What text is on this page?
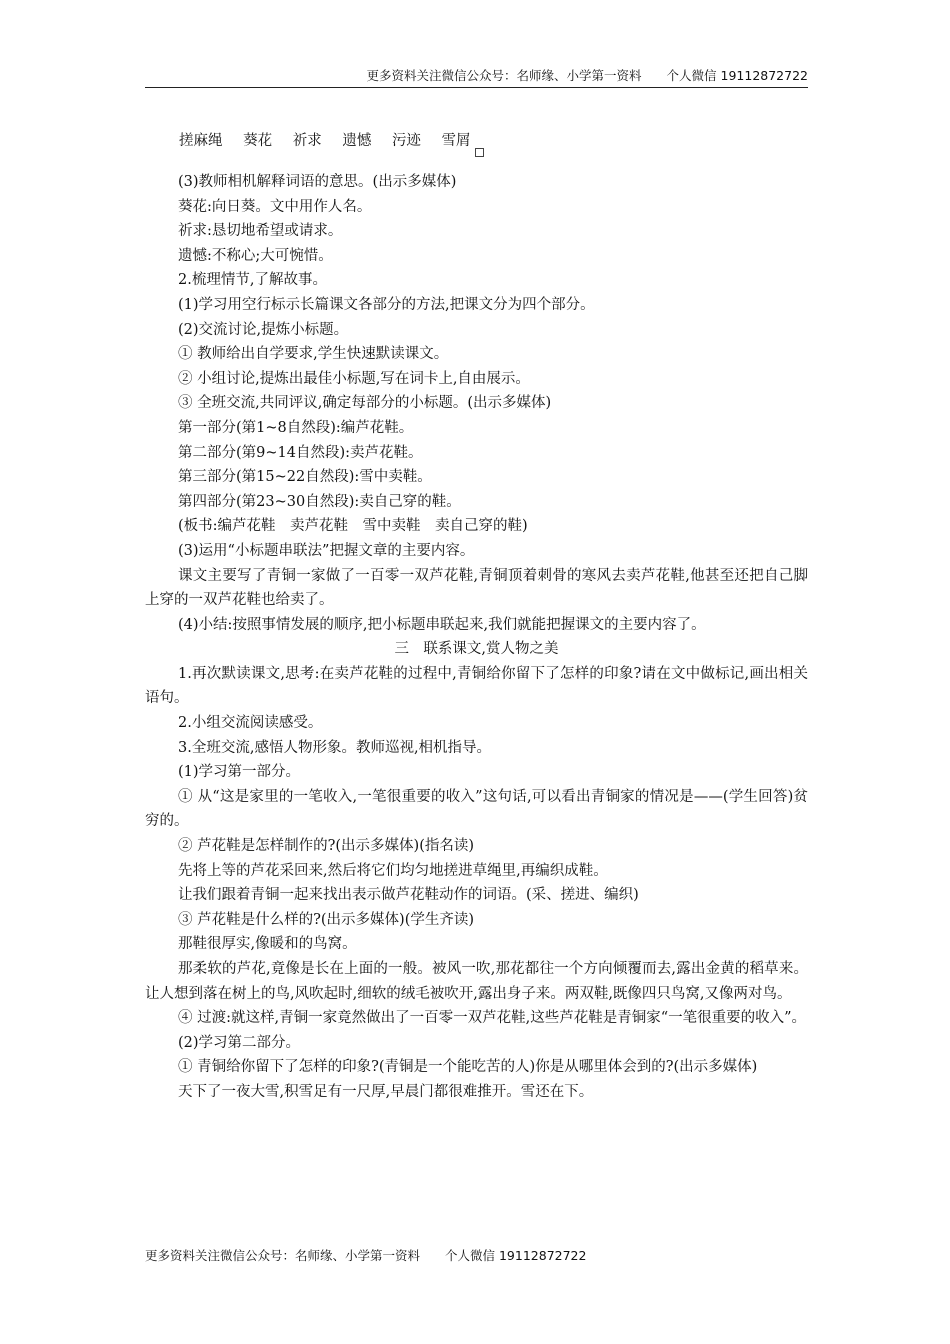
更多资料关注微信公众号：名师缘、小学第一资料　　个人微信 19112872722
搓麻绳 葵花 祈求 遗憾 污迹 雪屑
(3)教师相机解释词语的意思。(出示多媒体)
葵花:向日葵。文中用作人名。
祈求:恳切地希望或请求。
遗憾:不称心;大可惋惜。
2.梳理情节,了解故事。
(1)学习用空行标示长篇课文各部分的方法,把课文分为四个部分。
(2)交流讨论,提炼小标题。
① 教师给出自学要求,学生快速默读课文。
② 小组讨论,提炼出最佳小标题,写在词卡上,自由展示。
③ 全班交流,共同评议,确定每部分的小标题。(出示多媒体)
第一部分(第1~8自然段):编芦花鞋。
第二部分(第9~14自然段):卖芦花鞋。
第三部分(第15~22自然段):雪中卖鞋。
第四部分(第23~30自然段):卖自己穿的鞋。
(板书:编芦花鞋　卖芦花鞋　雪中卖鞋　卖自己穿的鞋)
(3)运用“小标题串联法”把握文章的主要内容。
课文主要写了青铜一家做了一百零一双芦花鞋,青铜顶着刺骨的寒风去卖芦花鞋,他甚至还把自己脚上穿的一双芦花鞋也给卖了。
(4)小结:按照事情发展的顺序,把小标题串联起来,我们就能把握课文的主要内容了。
三　联系课文,赏人物之美
1.再次默读课文,思考:在卖芦花鞋的过程中,青铜给你留下了怎样的印象?请在文中做标记,画出相关语句。
2.小组交流阅读感受。
3.全班交流,感悟人物形象。教师巡视,相机指导。
(1)学习第一部分。
① 从“这是家里的一笔收入,一笔很重要的收入”这句话,可以看出青铜家的情况是——(学生回答)贫穷的。
② 芦花鞋是怎样制作的?(出示多媒体)(指名读)
先将上等的芦花采回来,然后将它们均匀地搓进草绳里,再编织成鞋。
让我们跟着青铜一起来找出表示做芦花鞋动作的词语。(采、搓进、编织)
③ 芦花鞋是什么样的?(出示多媒体)(学生齐读)
那鞋很厚实,像暖和的鸟窝。
那柔软的芦花,竟像是长在上面的一般。被风一吹,那花都往一个方向倾覆而去,露出金黄的稻草来。让人想到落在树上的鸟,风吹起时,细软的绒毛被吹开,露出身子来。两双鞋,既像四只鸟窝,又像两对鸟。
④ 过渡:就这样,青铜一家竟然做出了一百零一双芦花鞋,这些芦花鞋是青铜家“一笔很重要的收入”。
(2)学习第二部分。
① 青铜给你留下了怎样的印象?(青铜是一个能吃苦的人)你是从哪里体会到的?(出示多媒体)
天下了一夜大雪,积雪足有一尺厚,早晨门都很难推开。雪还在下。
更多资料关注微信公众号：名师缘、小学第一资料　　个人微信 19112872722
